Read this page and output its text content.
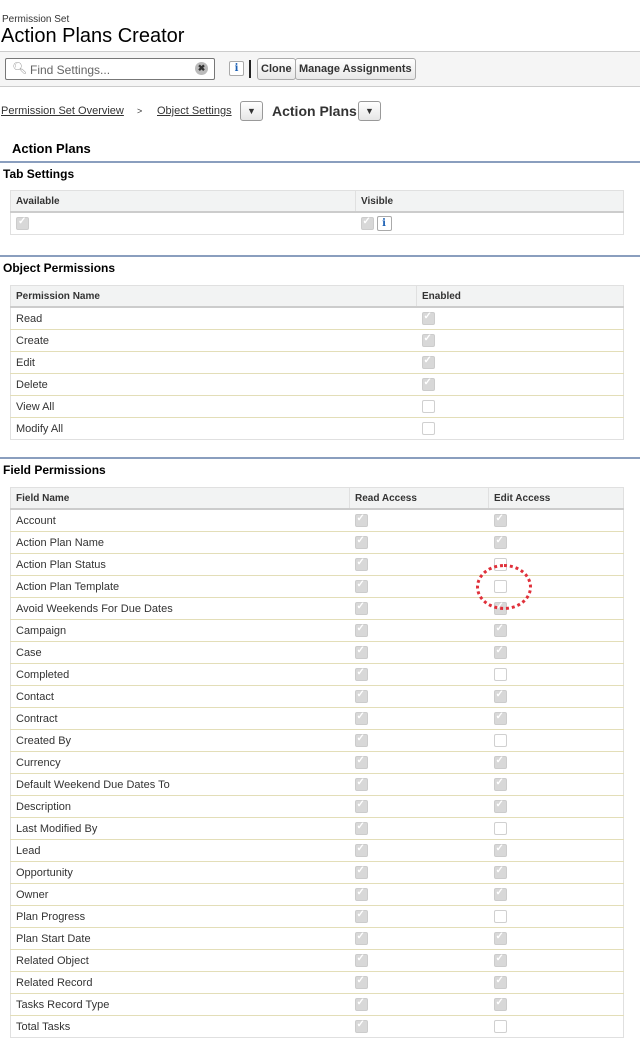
Permission Set
Action Plans Creator
🔍︎ Find Settings...	✖	i	Clone Manage Assignments
Permission Set Overview > Object Settings	▼	Action Plans ▼
Action Plans
Tab Settings
Available	Visible
✓	✓ i
Object Permissions
Permission Name	Enabled
Read	✓
Create	✓
Edit	✓
Delete	✓
View All	
Modify All	
Field Permissions
Field Name	Read Access	Edit Access
Account	✓	✓
Action Plan Name	✓	✓
Action Plan Status	✓	
Action Plan Template	✓	
Avoid Weekends For Due Dates	✓	✓
Campaign	✓	✓
Case	✓	✓
Completed	✓	
Contact	✓	✓
Contract	✓	✓
Created By	✓	
Currency	✓	✓
Default Weekend Due Dates To	✓	✓
Description	✓	✓
Last Modified By	✓	
Lead	✓	✓
Opportunity	✓	✓
Owner	✓	✓
Plan Progress	✓	
Plan Start Date	✓	✓
Related Object	✓	✓
Related Record	✓	✓
Tasks Record Type	✓	✓
Total Tasks	✓	
